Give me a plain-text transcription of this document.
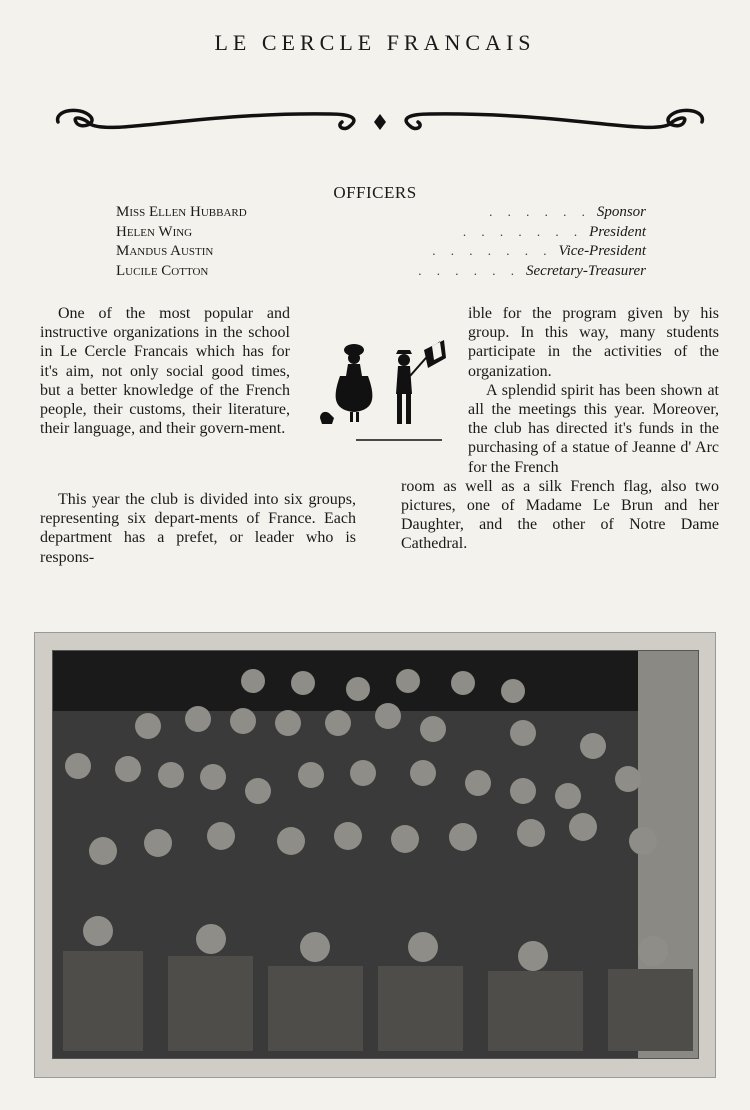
LE CERCLE FRANCAIS
OFFICERS
Miss Ellen Hubbard	. . . . . . Sponsor
Helen Wing	. . . . . . . President
Mandus Austin	. . . . . . . Vice-President
Lucile Cotton	. . . . . . Secretary-Treasurer

One of the most popular and instructive organizations in the school in Le Cercle Francais which has for it's aim, not only social good times, but a better knowledge of the French people, their customs, their literature, their language, and their govern-ment.

This year the club is divided into six groups, representing six depart-ments of France. Each department has a prefet, or leader who is respons-

ible for the program given by his group. In this way, many students participate in the activities of the organization.

A splendid spirit has been shown at all the meetings this year. Moreover, the club has directed it's funds in the purchasing of a statue of Jeanne d' Arc for the French

room as well as a silk French flag, also two pictures, one of Madame Le Brun and her Daughter, and the other of Notre Dame Cathedral.
